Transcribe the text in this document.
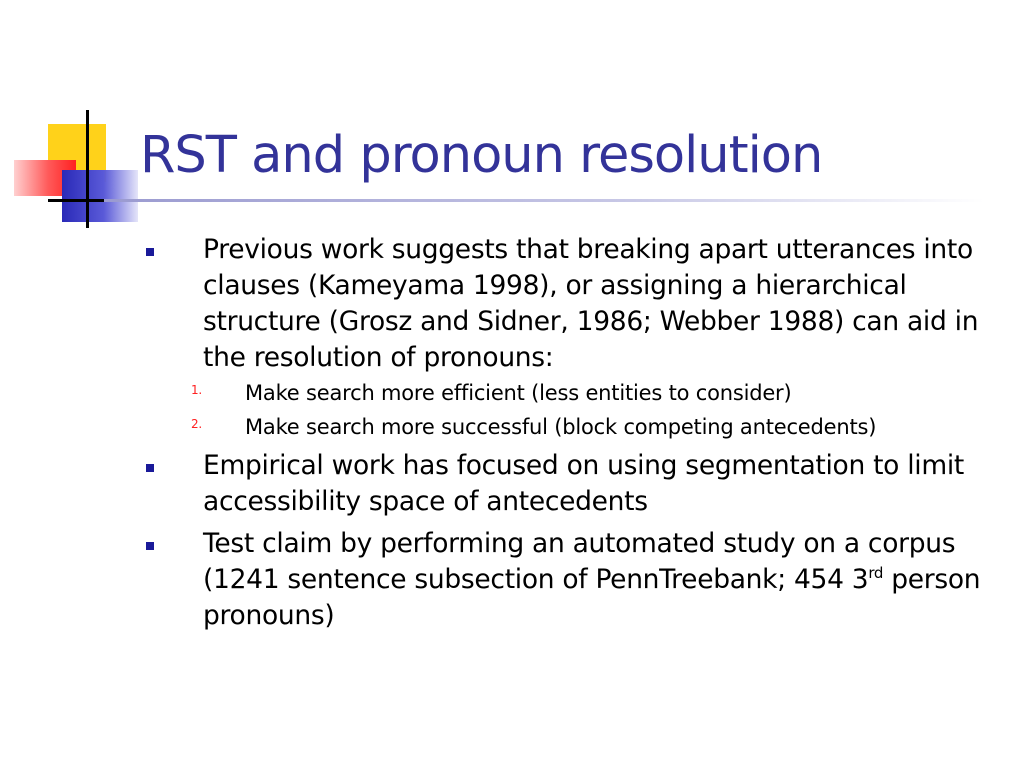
RST and pronoun resolution
Previous work suggests that breaking apart utterances into clauses (Kameyama 1998), or assigning a hierarchical structure (Grosz and Sidner, 1986; Webber 1988) can aid in the resolution of pronouns:
1. Make search more efficient (less entities to consider)
2. Make search more successful (block competing antecedents)
Empirical work has focused on using segmentation to limit accessibility space of antecedents
Test claim by performing an automated study on a corpus (1241 sentence subsection of PennTreebank; 454 3rd person pronouns)
